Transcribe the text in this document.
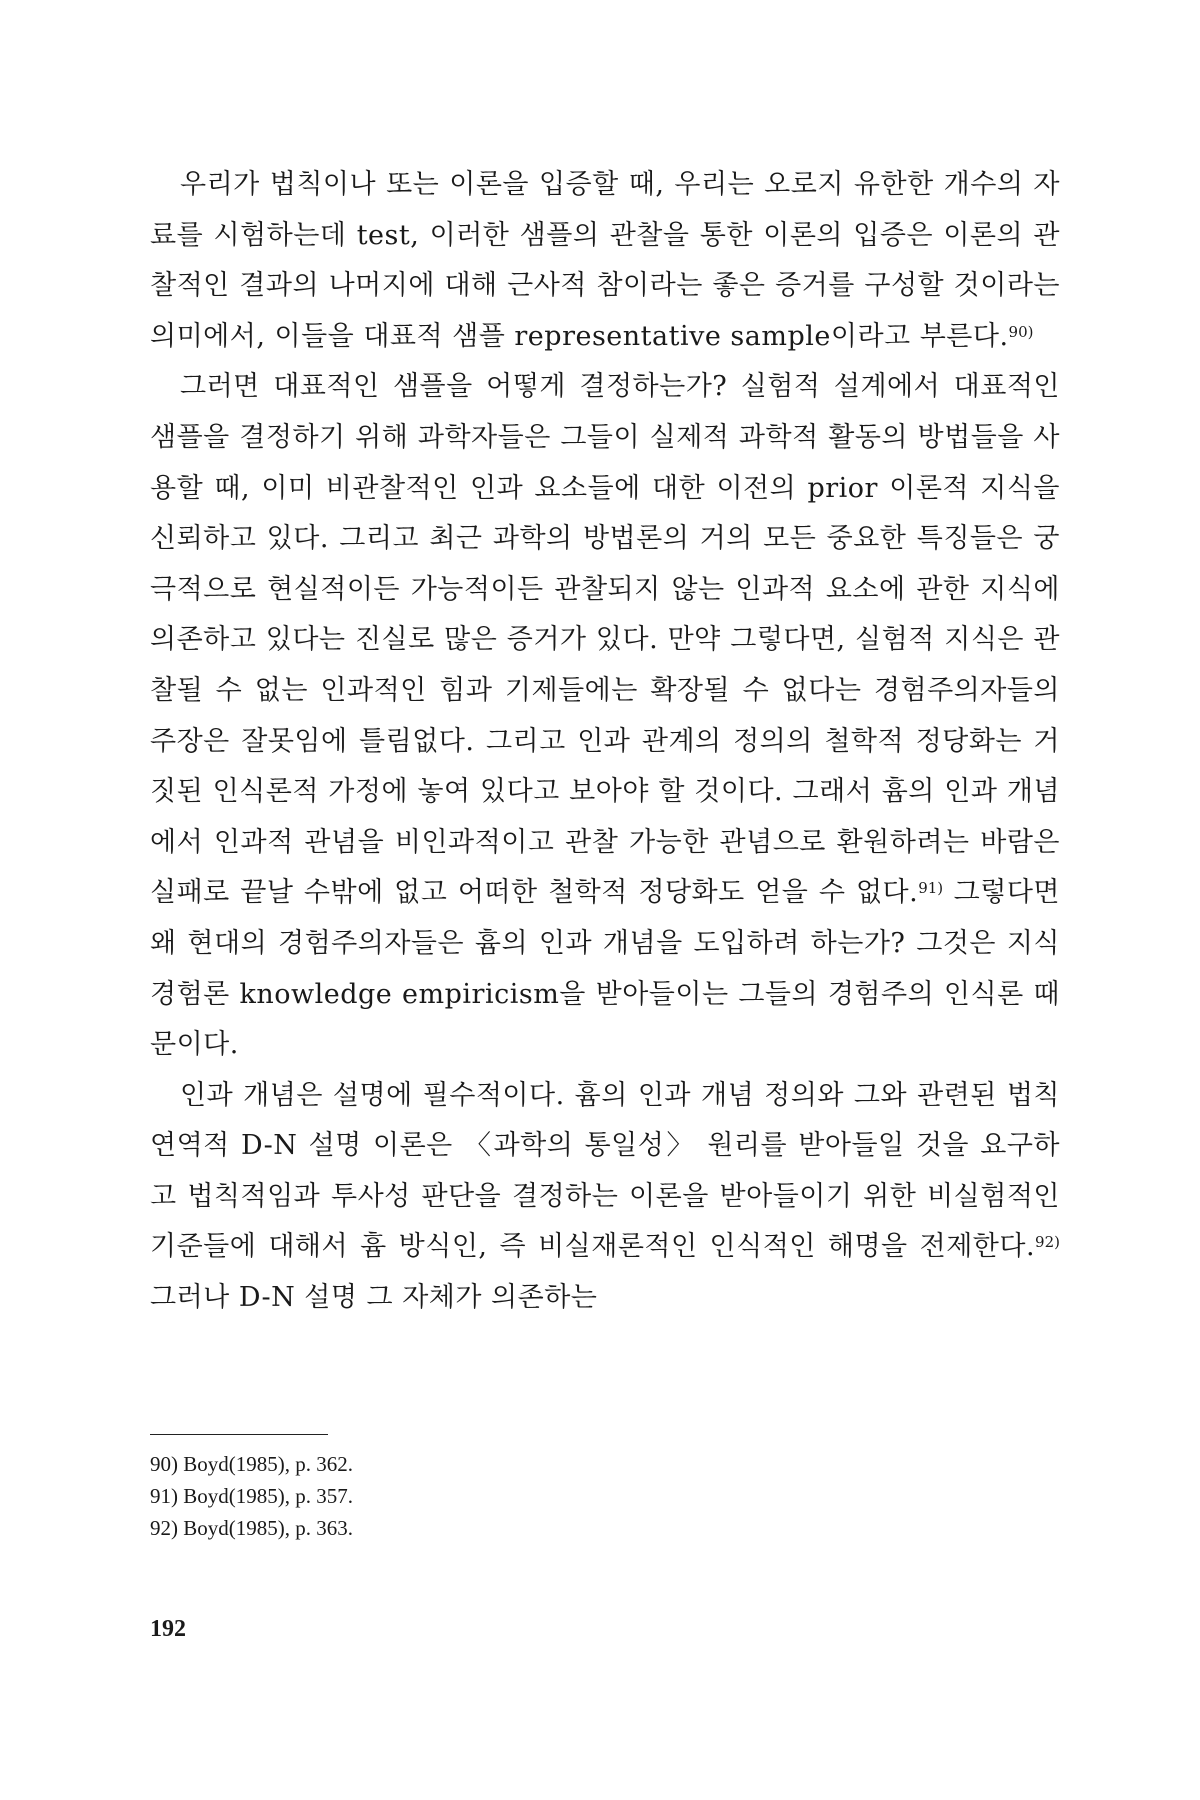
우리가 법칙이나 또는 이론을 입증할 때, 우리는 오로지 유한한 개수의 자료를 시험하는데 test, 이러한 샘플의 관찰을 통한 이론의 입증은 이론의 관찰적인 결과의 나머지에 대해 근사적 참이라는 좋은 증거를 구성할 것이라는 의미에서, 이들을 대표적 샘플 representative sample이라고 부른다.$^{90)}$

그러면 대표적인 샘플을 어떻게 결정하는가? 실험적 설계에서 대표적인 샘플을 결정하기 위해 과학자들은 그들이 실제적 과학적 활동의 방법들을 사용할 때, 이미 비관찰적인 인과 요소들에 대한 이전의 prior 이론적 지식을 신뢰하고 있다. 그리고 최근 과학의 방법론의 거의 모든 중요한 특징들은 궁극적으로 현실적이든 가능적이든 관찰되지 않는 인과적 요소에 관한 지식에 의존하고 있다는 진실로 많은 증거가 있다. 만약 그렇다면, 실험적 지식은 관찰될 수 없는 인과적인 힘과 기제들에는 확장될 수 없다는 경험주의자들의 주장은 잘못임에 틀림없다. 그리고 인과 관계의 정의의 철학적 정당화는 거짓된 인식론적 가정에 놓여 있다고 보아야 할 것이다. 그래서 흄의 인과 개념에서 인과적 관념을 비인과적이고 관찰 가능한 관념으로 환원하려는 바람은 실패로 끝날 수밖에 없고 어떠한 철학적 정당화도 얻을 수 없다.$^{91)}$ 그렇다면 왜 현대의 경험주의자들은 흄의 인과 개념을 도입하려 하는가? 그것은 지식경험론 knowledge empiricism을 받아들이는 그들의 경험주의 인식론 때문이다.

인과 개념은 설명에 필수적이다. 흄의 인과 개념 정의와 그와 관련된 법칙 연역적 D-N 설명 이론은 〈과학의 통일성〉 원리를 받아들일 것을 요구하고 법칙적임과 투사성 판단을 결정하는 이론을 받아들이기 위한 비실험적인 기준들에 대해서 흄 방식인, 즉 비실재론적인 인식적인 해명을 전제한다.$^{92)}$ 그러나 D-N 설명 그 자체가 의존하는

90) Boyd(1985), p. 362.
91) Boyd(1985), p. 357.
92) Boyd(1985), p. 363.
192
